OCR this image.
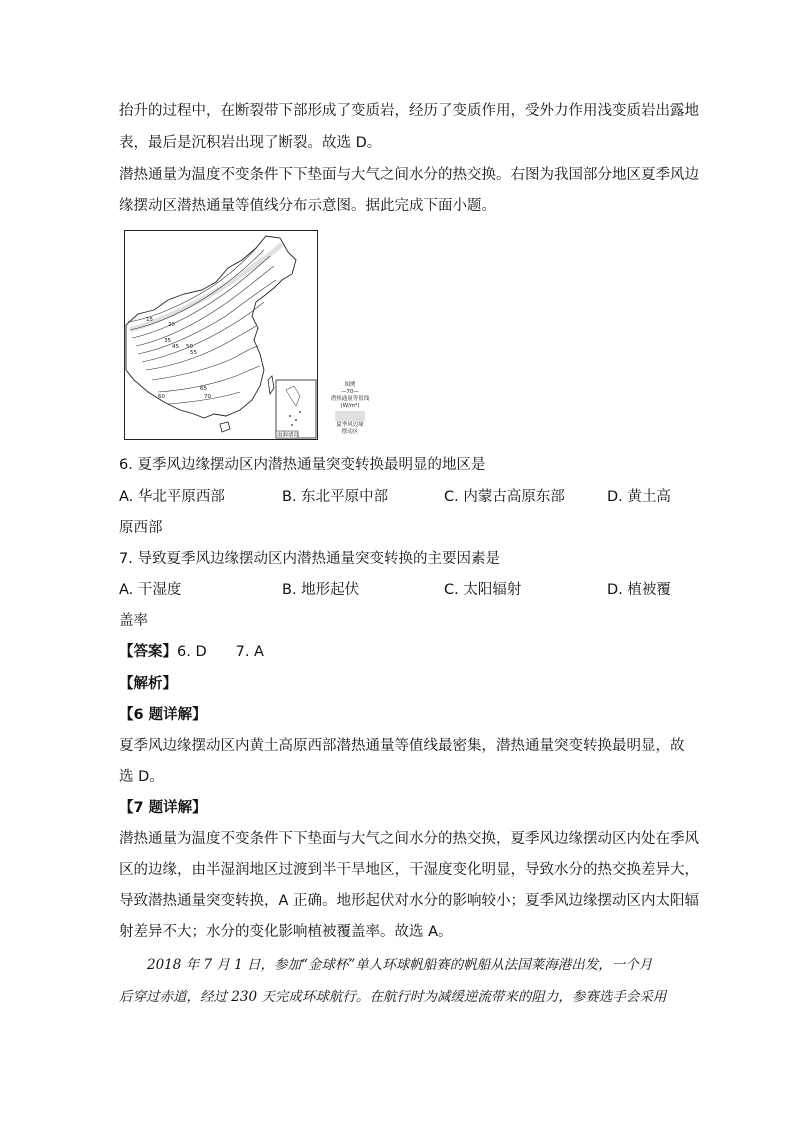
抬升的过程中，在断裂带下部形成了变质岩，经历了变质作用，受外力作用浅变质岩出露地
表，最后是沉积岩出现了断裂。故选 D。
潜热通量为温度不变条件下下垫面与大气之间水分的热交换。右图为我国部分地区夏季风边
缘摆动区潜热通量等值线分布示意图。据此完成下面小题。
15
20
35
45 50
55
60
65
70
南海诸岛
图例
—70—
潜热通量等值线
(W/m²)
夏季风边缘
摆动区
6. 夏季风边缘摆动区内潜热通量突变转换最明显的地区是
A. 华北平原西部	B. 东北平原中部	C. 内蒙古高原东部	D. 黄土高
原西部
7. 导致夏季风边缘摆动区内潜热通量突变转换的主要因素是
A. 干湿度	B. 地形起伏	C. 太阳辐射	D. 植被覆
盖率
【答案】6. D　　7. A
【解析】
【6 题详解】
夏季风边缘摆动区内黄土高原西部潜热通量等值线最密集，潜热通量突变转换最明显，故
选 D。
【7 题详解】
潜热通量为温度不变条件下下垫面与大气之间水分的热交换，夏季风边缘摆动区内处在季风
区的边缘，由半湿润地区过渡到半干旱地区，干湿度变化明显，导致水分的热交换差异大，
导致潜热通量突变转换，A 正确。地形起伏对水分的影响较小；夏季风边缘摆动区内太阳辐
射差异不大；水分的变化影响植被覆盖率。故选 A。
2018 年 7 月 1 日，参加“金球杯”单人环球帆船赛的帆船从法国莱海港出发，一个月
后穿过赤道，经过 230 天完成环球航行。在航行时为减缓逆流带来的阻力，参赛选手会采用
